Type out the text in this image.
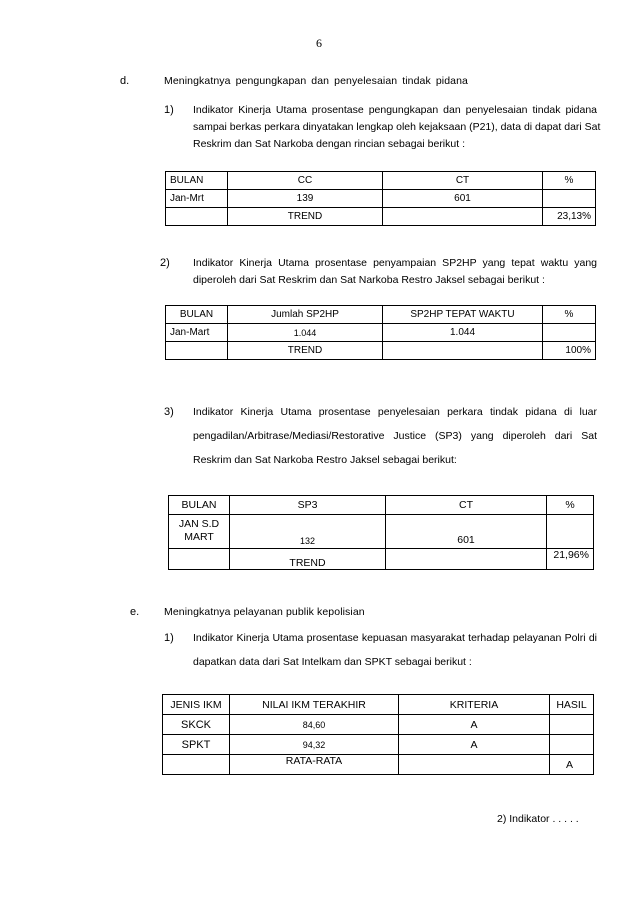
6
d.	Meningkatnya pengungkapan dan penyelesaian tindak pidana
1) Indikator Kinerja Utama prosentase pengungkapan dan penyelesaian tindak pidana
sampai berkas perkara dinyatakan lengkap oleh kejaksaan (P21), data di dapat dari Sat
Reskrim dan Sat Narkoba dengan rincian sebagai berikut :
BULAN	CC	CT	%
Jan-Mrt	139	601	
	TREND		23,13%
2) Indikator Kinerja Utama prosentase penyampaian SP2HP yang tepat waktu yang
diperoleh dari Sat Reskrim dan Sat Narkoba Restro Jaksel sebagai berikut :
BULAN	Jumlah SP2HP	SP2HP TEPAT WAKTU	%
Jan-Mart	1.044	1.044	
	TREND		100%
3) Indikator Kinerja Utama prosentase penyelesaian perkara tindak pidana di luar
pengadilan/Arbitrase/Mediasi/Restorative Justice (SP3) yang diperoleh dari Sat
Reskrim dan Sat Narkoba Restro Jaksel sebagai berikut:
BULAN	SP3	CT	%
JAN S.D
MART	132	601	
	TREND		21,96%
e. Meningkatnya pelayanan publik kepolisian
1) Indikator Kinerja Utama prosentase kepuasan masyarakat terhadap pelayanan Polri di
dapatkan data dari Sat Intelkam dan SPKT sebagai berikut :
JENIS IKM	NILAI IKM TERAKHIR	KRITERIA	HASIL
SKCK	84,60	A	
SPKT	94,32	A	
	RATA-RATA		A
2) Indikator . . . . .
